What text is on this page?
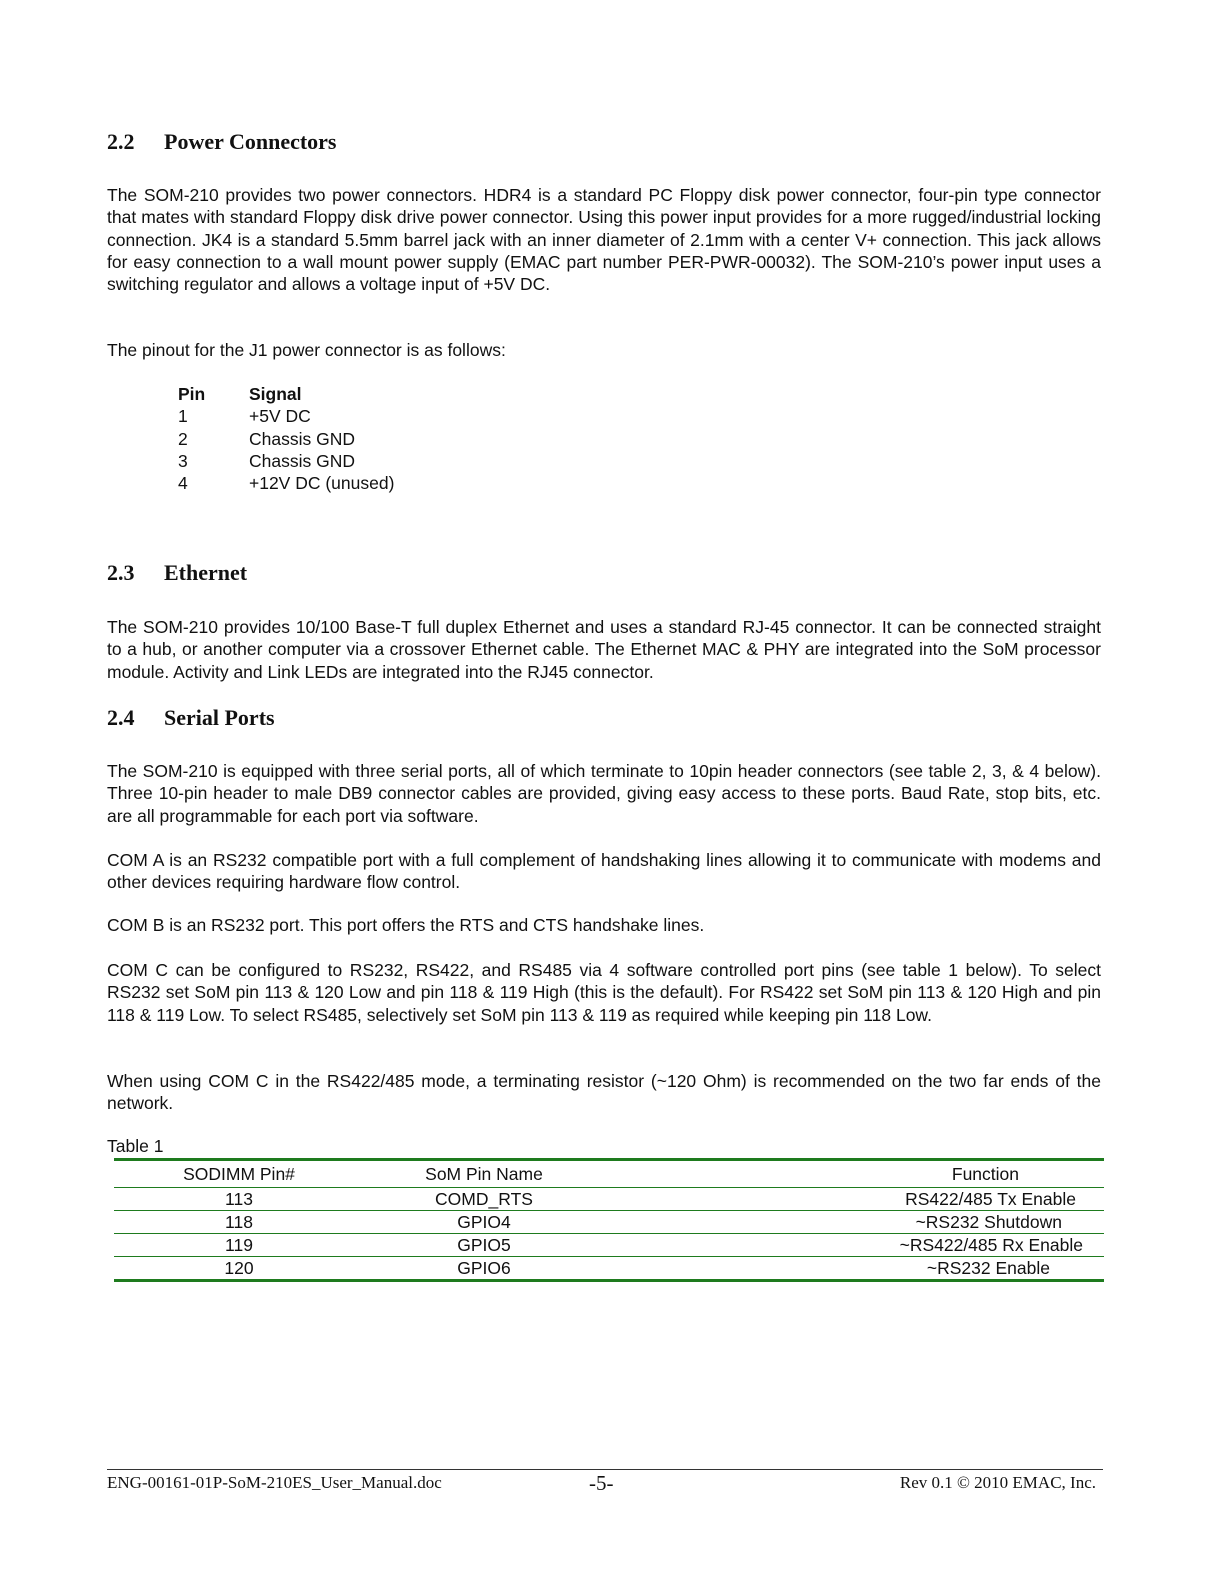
2.2 Power Connectors

The SOM-210 provides two power connectors. HDR4 is a standard PC Floppy disk power connector, four-pin type connector that mates with standard Floppy disk drive power connector. Using this power input provides for a more rugged/industrial locking connection. JK4 is a standard 5.5mm barrel jack with an inner diameter of 2.1mm with a center V+ connection. This jack allows for easy connection to a wall mount power supply (EMAC part number PER-PWR-00032). The SOM-210’s power input uses a switching regulator and allows a voltage input of +5V DC.

The pinout for the J1 power connector is as follows:

Pin	Signal
1	+5V DC
2	Chassis GND
3	Chassis GND
4	+12V DC (unused)
2.3 Ethernet

The SOM-210 provides 10/100 Base-T full duplex Ethernet and uses a standard RJ-45 connector. It can be connected straight to a hub, or another computer via a crossover Ethernet cable. The Ethernet MAC & PHY are integrated into the SoM processor module. Activity and Link LEDs are integrated into the RJ45 connector.

2.4 Serial Ports

The SOM-210 is equipped with three serial ports, all of which terminate to 10pin header connectors (see table 2, 3, & 4 below). Three 10-pin header to male DB9 connector cables are provided, giving easy access to these ports. Baud Rate, stop bits, etc. are all programmable for each port via software.

COM A is an RS232 compatible port with a full complement of handshaking lines allowing it to communicate with modems and other devices requiring hardware flow control.

COM B is an RS232 port. This port offers the RTS and CTS handshake lines.

COM C can be configured to RS232, RS422, and RS485 via 4 software controlled port pins (see table 1 below). To select RS232 set SoM pin 113 & 120 Low and pin 118 & 119 High (this is the default). For RS422 set SoM pin 113 & 120 High and pin 118 & 119 Low. To select RS485, selectively set SoM pin 113 & 119 as required while keeping pin 118 Low.

When using COM C in the RS422/485 mode, a terminating resistor (~120 Ohm) is recommended on the two far ends of the network.

Table 1
SODIMM Pin#	SoM Pin Name	Function
113	COMD_RTS	RS422/485 Tx Enable
118	GPIO4	~RS232 Shutdown
119	GPIO5	~RS422/485 Rx Enable
120	GPIO6	~RS232 Enable
ENG-00161-01P-SoM-210ES_User_Manual.doc	-5-	Rev 0.1 © 2010 EMAC, Inc.
